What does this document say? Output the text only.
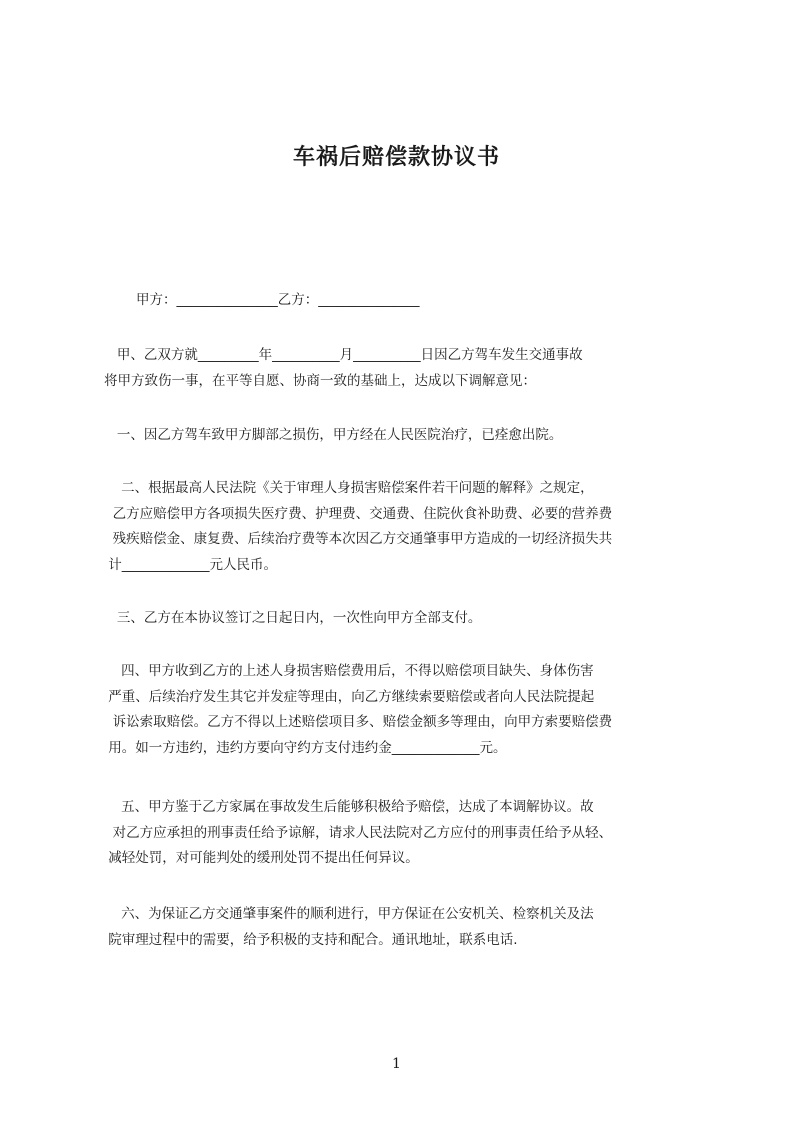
车祸后赔偿款协议书
甲方：_______________乙方：_______________
甲、乙双方就_________年__________月__________日因乙方驾车发生交通事故
将甲方致伤一事，在平等自愿、协商一致的基础上，达成以下调解意见：
一、因乙方驾车致甲方脚部之损伤，甲方经在人民医院治疗，已痊愈出院。
二、根据最高人民法院《关于审理人身损害赔偿案件若干问题的解释》之规定，
乙方应赔偿甲方各项损失医疗费、护理费、交通费、住院伙食补助费、必要的营养费
残疾赔偿金、康复费、后续治疗费等本次因乙方交通肇事甲方造成的一切经济损失共
计_____________元人民币。
三、乙方在本协议签订之日起日内，一次性向甲方全部支付。
四、甲方收到乙方的上述人身损害赔偿费用后，不得以赔偿项目缺失、身体伤害
严重、后续治疗发生其它并发症等理由，向乙方继续索要赔偿或者向人民法院提起
诉讼索取赔偿。乙方不得以上述赔偿项目多、赔偿金额多等理由，向甲方索要赔偿费
用。如一方违约，违约方要向守约方支付违约金_____________元。
五、甲方鉴于乙方家属在事故发生后能够积极给予赔偿，达成了本调解协议。故
对乙方应承担的刑事责任给予谅解，请求人民法院对乙方应付的刑事责任给予从轻、
减轻处罚，对可能判处的缓刑处罚不提出任何异议。
六、为保证乙方交通肇事案件的顺利进行，甲方保证在公安机关、检察机关及法
院审理过程中的需要，给予积极的支持和配合。通讯地址，联系电话.
1
